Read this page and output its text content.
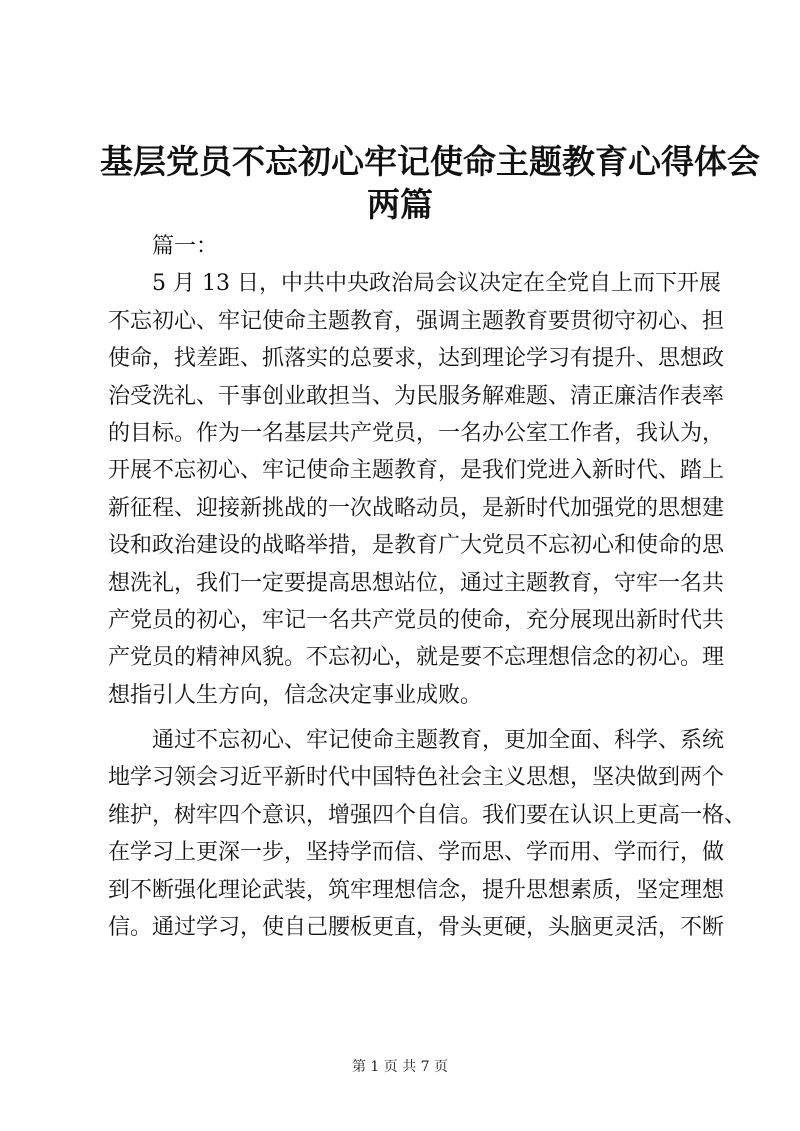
基层党员不忘初心牢记使命主题教育心得体会
两篇
篇一：
5 月 13 日，中共中央政治局会议决定在全党自上而下开展
不忘初心、牢记使命主题教育，强调主题教育要贯彻守初心、担
使命，找差距、抓落实的总要求，达到理论学习有提升、思想政
治受洗礼、干事创业敢担当、为民服务解难题、清正廉洁作表率
的目标。作为一名基层共产党员，一名办公室工作者，我认为，
开展不忘初心、牢记使命主题教育，是我们党进入新时代、踏上
新征程、迎接新挑战的一次战略动员，是新时代加强党的思想建
设和政治建设的战略举措，是教育广大党员不忘初心和使命的思
想洗礼，我们一定要提高思想站位，通过主题教育，守牢一名共
产党员的初心，牢记一名共产党员的使命，充分展现出新时代共
产党员的精神风貌。不忘初心，就是要不忘理想信念的初心。理
想指引人生方向，信念决定事业成败。
通过不忘初心、牢记使命主题教育，更加全面、科学、系统
地学习领会习近平新时代中国特色社会主义思想，坚决做到两个
维护，树牢四个意识，增强四个自信。我们要在认识上更高一格、
在学习上更深一步，坚持学而信、学而思、学而用、学而行，做
到不断强化理论武装，筑牢理想信念，提升思想素质，坚定理想
信。通过学习，使自己腰板更直，骨头更硬，头脑更灵活，不断
第 1 页 共 7 页
